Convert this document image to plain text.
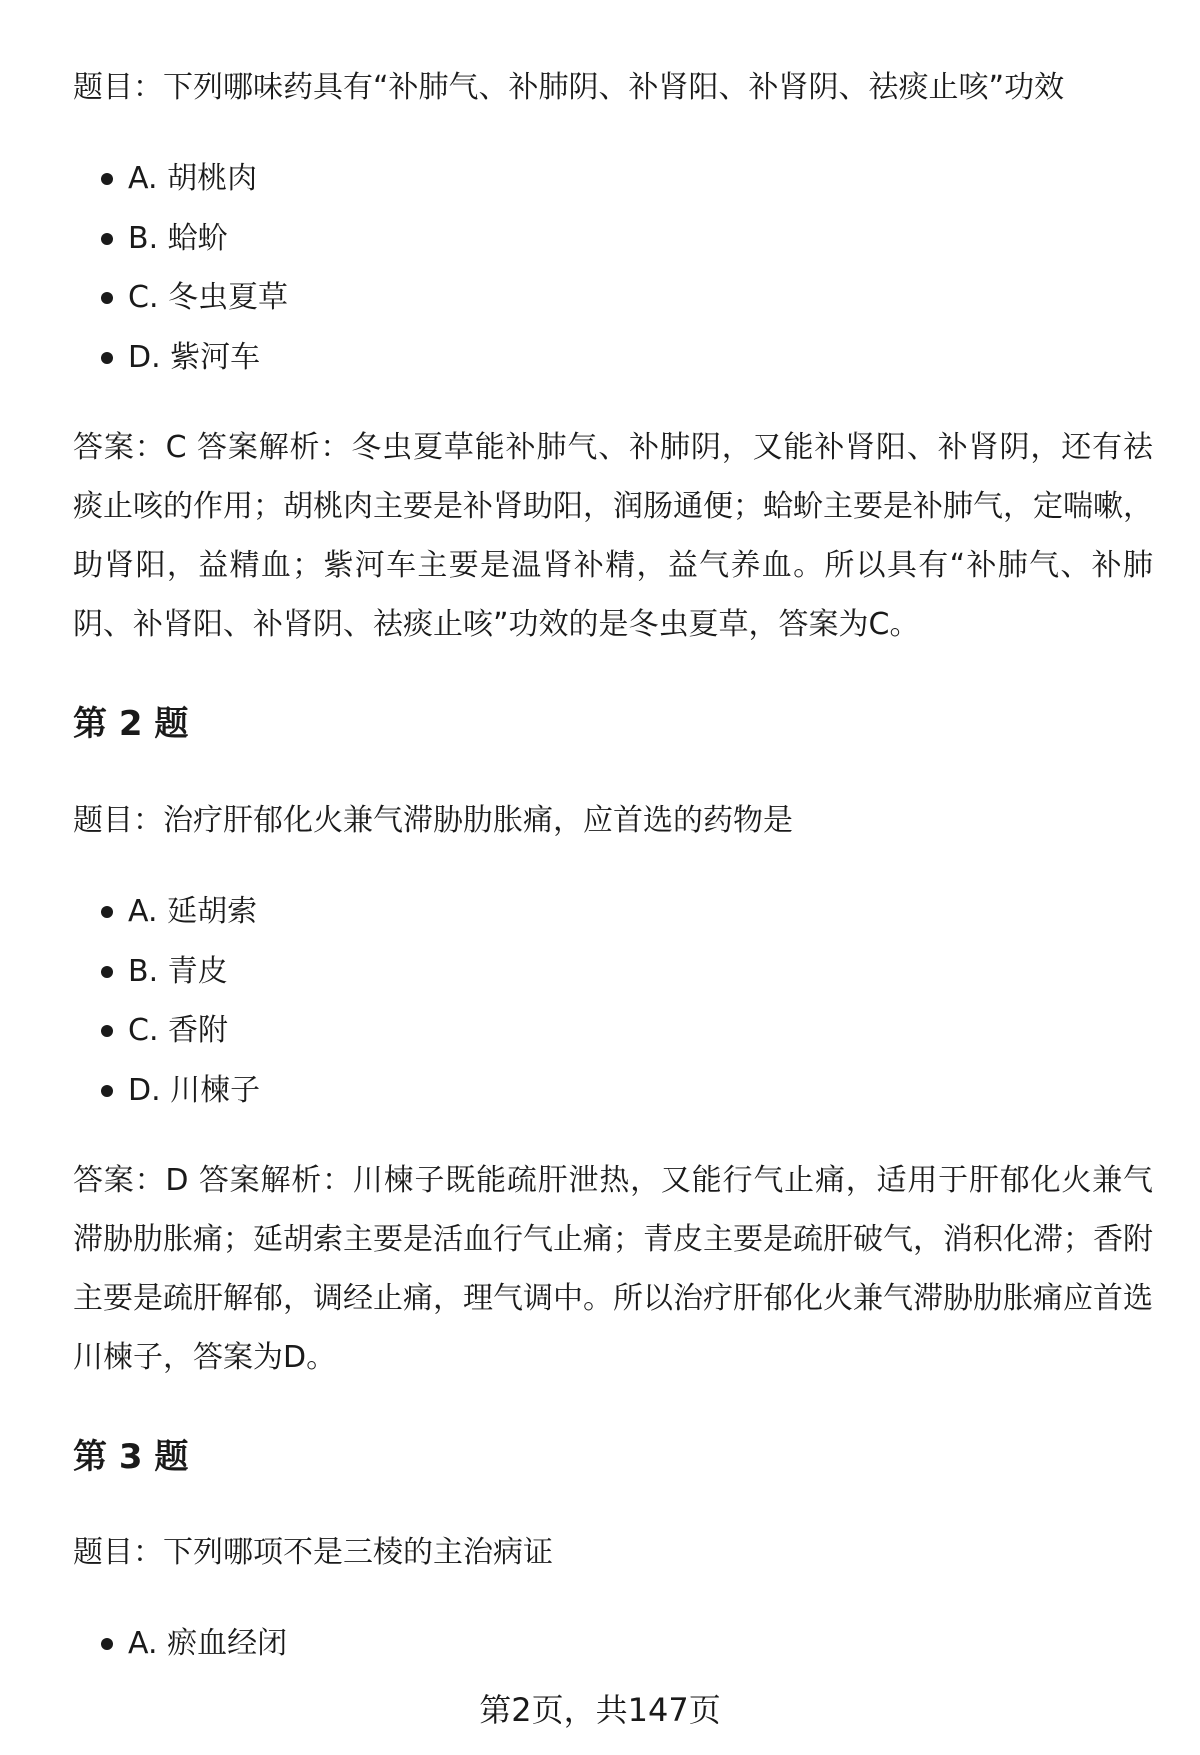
题目：下列哪味药具有“补肺气、补肺阴、补肾阳、补肾阴、祛痰止咳”功效

A. 胡桃肉
B. 蛤蚧
C. 冬虫夏草
D. 紫河车

答案：C 答案解析：冬虫夏草能补肺气、补肺阴，又能补肾阳、补肾阴，还有祛痰止咳的作用；胡桃肉主要是补肾助阳，润肠通便；蛤蚧主要是补肺气，定喘嗽，助肾阳，益精血；紫河车主要是温肾补精，益气养血。所以具有“补肺气、补肺阴、补肾阳、补肾阴、祛痰止咳”功效的是冬虫夏草，答案为C。

第 2 题

题目：治疗肝郁化火兼气滞胁肋胀痛，应首选的药物是

A. 延胡索
B. 青皮
C. 香附
D. 川楝子

答案：D 答案解析：川楝子既能疏肝泄热，又能行气止痛，适用于肝郁化火兼气滞胁肋胀痛；延胡索主要是活血行气止痛；青皮主要是疏肝破气，消积化滞；香附主要是疏肝解郁，调经止痛，理气调中。所以治疗肝郁化火兼气滞胁肋胀痛应首选川楝子，答案为D。

第 3 题

题目：下列哪项不是三棱的主治病证

A. 瘀血经闭
第2页，共147页
